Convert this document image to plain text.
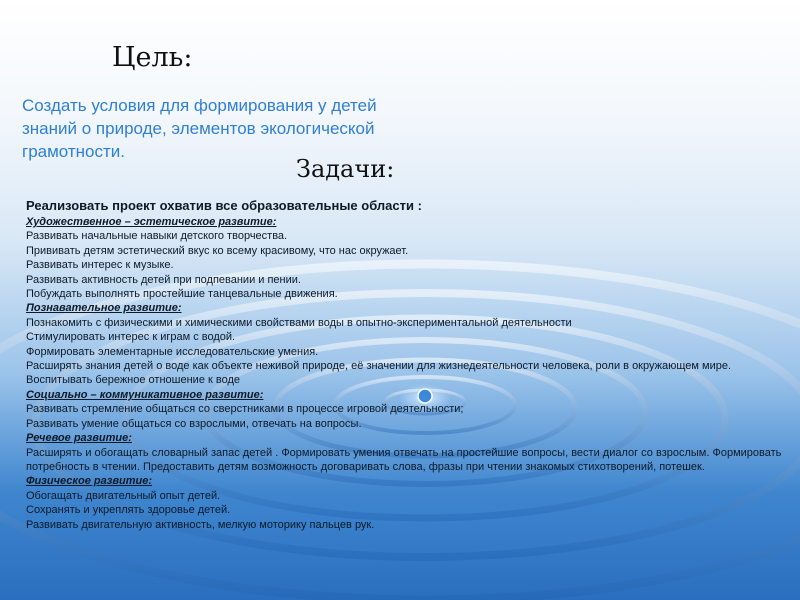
Цель:

Создать условия для формирования у детей знаний о природе, элементов экологической грамотности.

Задачи:

Реализовать проект охватив все образовательные области :

Художественное – эстетическое развитие:

Развивать начальные навыки детского творчества.

Прививать детям эстетический вкус ко всему красивому, что нас окружает.

Развивать интерес к музыке.

Развивать активность детей при подпевании и пении.

Побуждать выполнять простейшие танцевальные движения.

Познавательное развитие:

Познакомить с физическими и химическими свойствами воды в опытно-экспериментальной деятельности

Стимулировать интерес к играм с водой.

Формировать элементарные исследовательские умения.

Расширять знания детей о воде как объекте неживой природе, её значении для жизнедеятельности человека, роли в окружающем мире.

Воспитывать бережное отношение к воде

Социально – коммуникативное развитие:

Развивать стремление общаться со сверстниками в процессе игровой деятельности;

Развивать умение общаться со взрослыми, отвечать на вопросы.

Речевое развитие:

Расширять и обогащать словарный запас детей . Формировать умения отвечать на простейшие вопросы, вести диалог со взрослым. Формировать потребность в чтении. Предоставить детям возможность договаривать слова, фразы при чтении знакомых стихотворений, потешек.

Физическое развитие:

Обогащать двигательный опыт детей.

Сохранять и укреплять здоровье детей.

Развивать двигательную активность, мелкую моторику пальцев рук.
